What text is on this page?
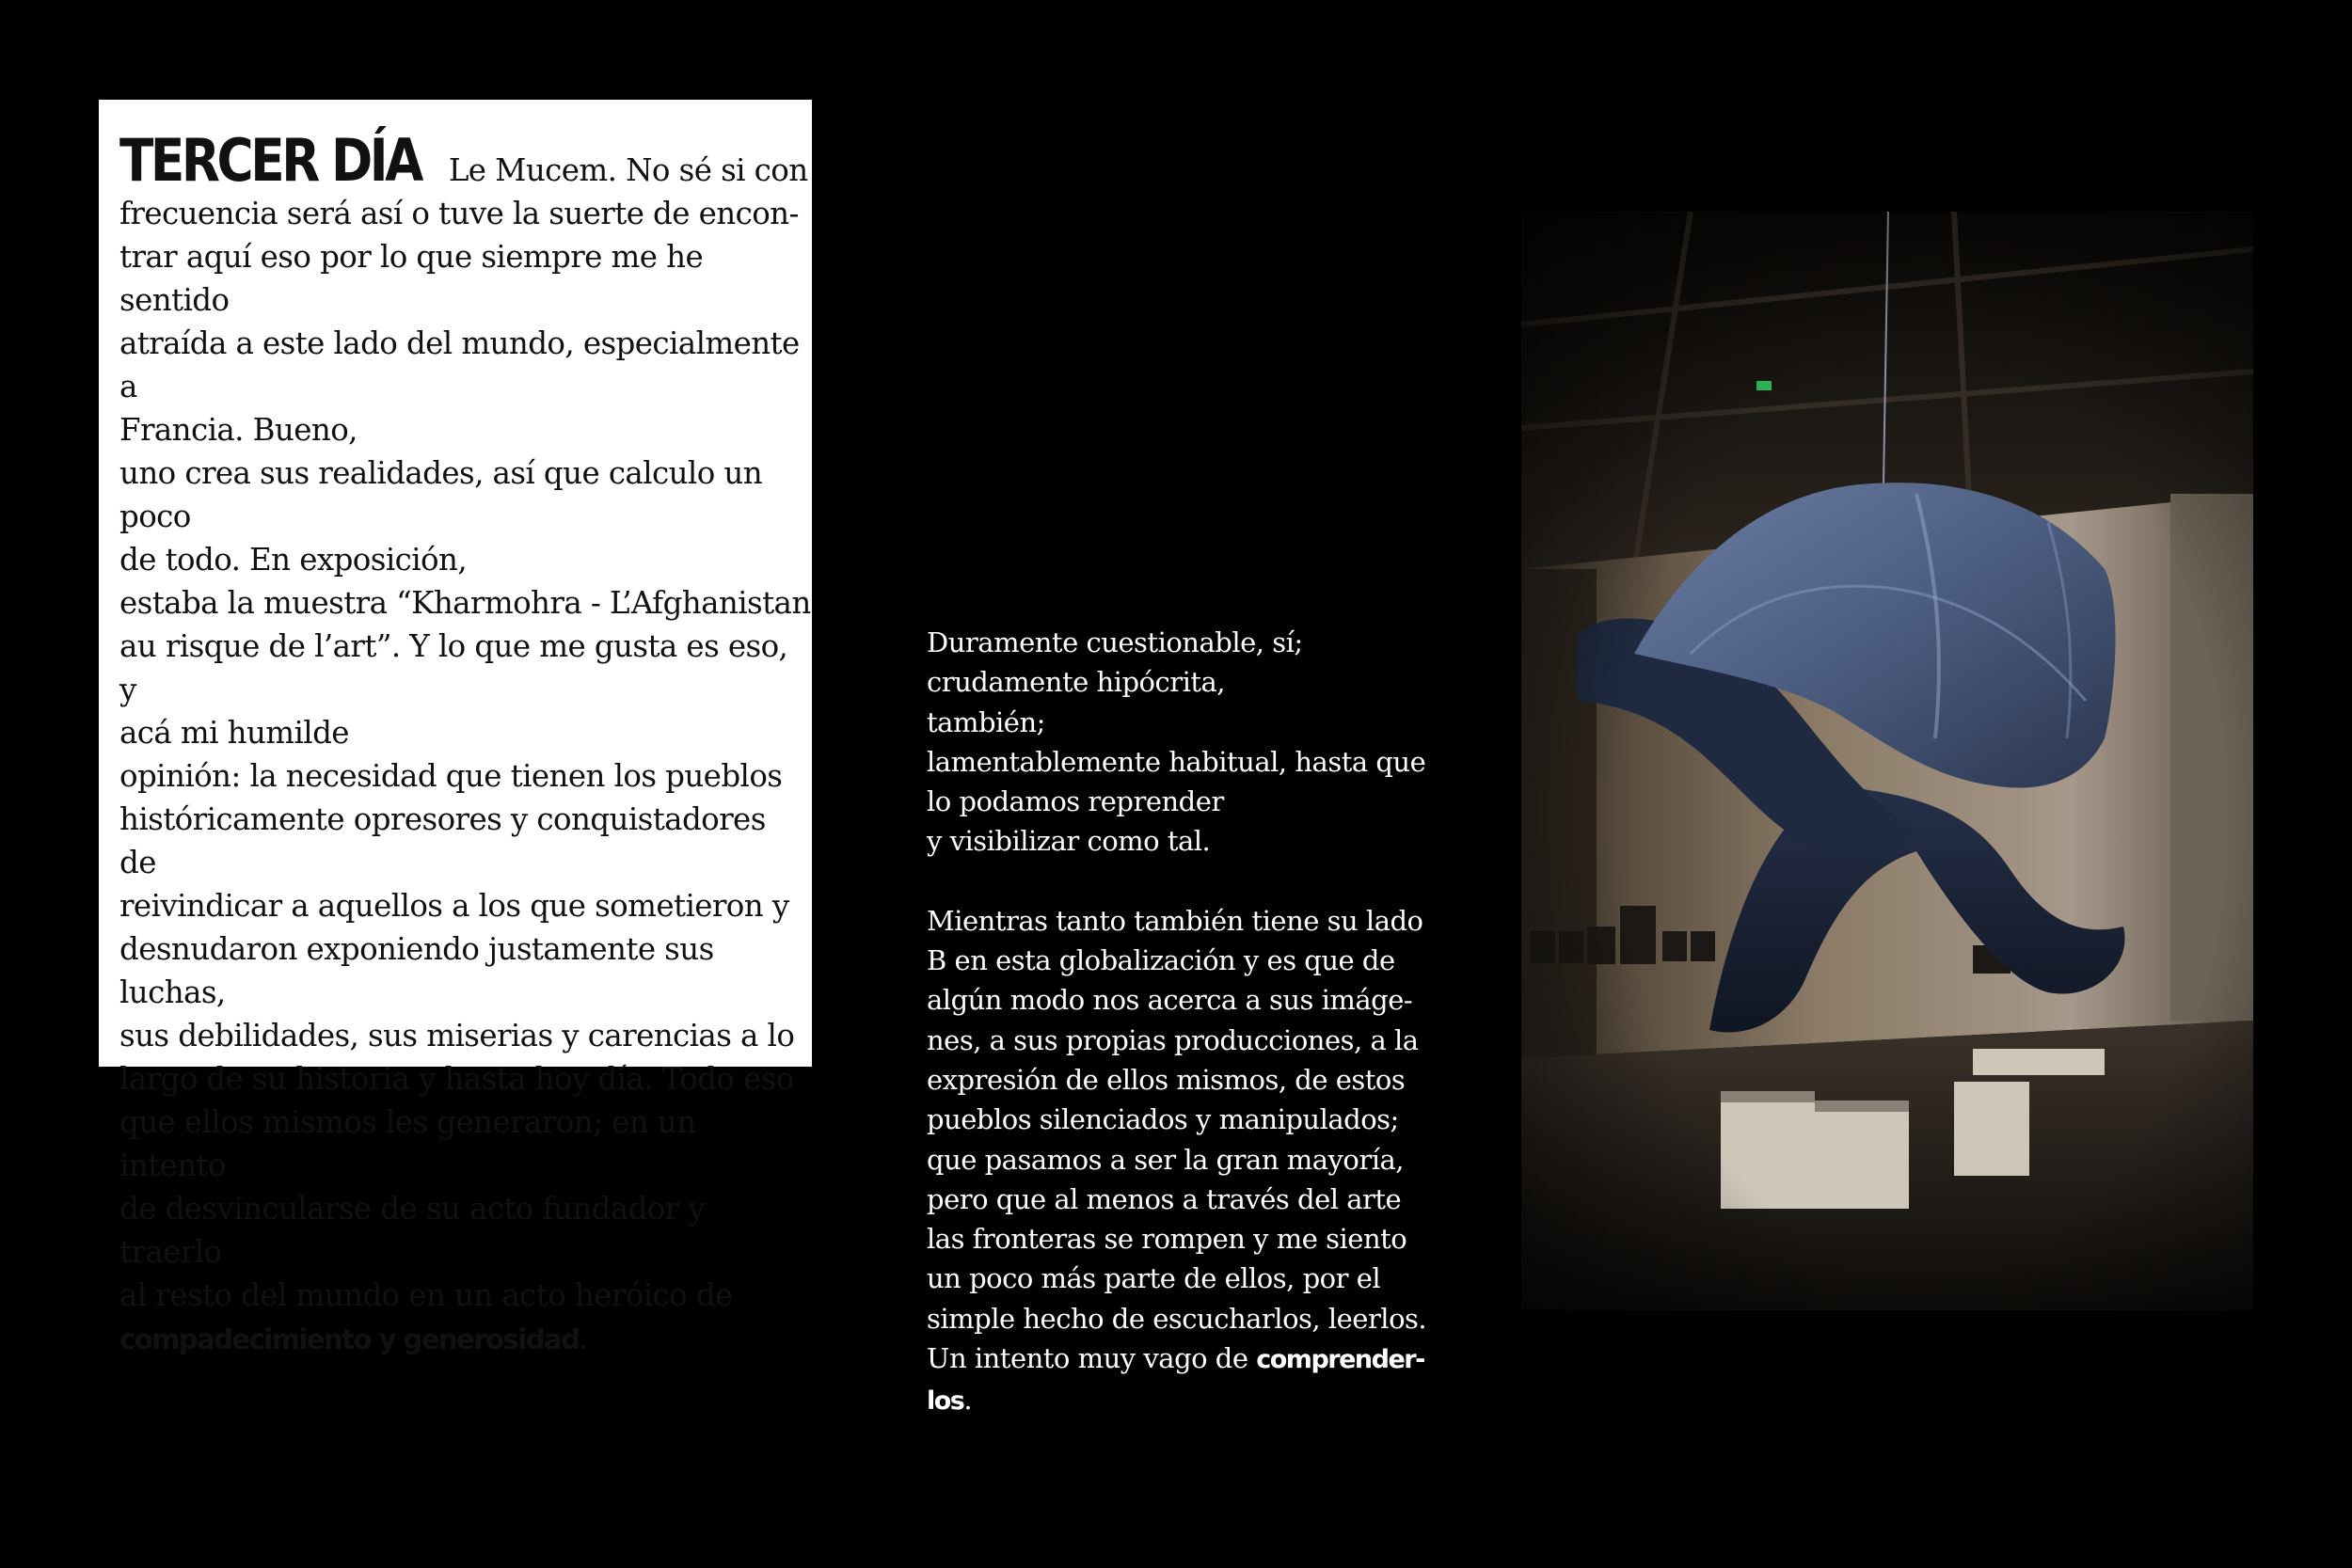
TERCER DÍA Le Mucem. No sé si con
frecuencia será así o tuve la suerte de encon-
trar aquí eso por lo que siempre me he sentido
atraída a este lado del mundo, especialmente a
Francia. Bueno,
uno crea sus realidades, así que calculo un poco
de todo. En exposición,
estaba la muestra “Kharmohra - L’Afghanistan
au risque de l’art”. Y lo que me gusta es eso, y
acá mi humilde
opinión: la necesidad que tienen los pueblos
históricamente opresores y conquistadores de
reivindicar a aquellos a los que sometieron y
desnudaron exponiendo justamente sus luchas,
sus debilidades, sus miserias y carencias a lo
largo de su historia y hasta hoy día. Todo eso
que ellos mismos les generaron; en un intento
de desvincularse de su acto fundador y traerlo
al resto del mundo en un acto heróico de
compadecimiento y generosidad.

Duramente cuestionable, sí;
crudamente hipócrita,
también;
lamentablemente habitual, hasta que
lo podamos reprender
y visibilizar como tal.

Mientras tanto también tiene su lado
B en esta globalización y es que de
algún modo nos acerca a sus imáge-
nes, a sus propias producciones, a la
expresión de ellos mismos, de estos
pueblos silenciados y manipulados;
que pasamos a ser la gran mayoría,
pero que al menos a través del arte
las fronteras se rompen y me siento
un poco más parte de ellos, por el
simple hecho de escucharlos, leerlos.
Un intento muy vago de comprender-
los.
